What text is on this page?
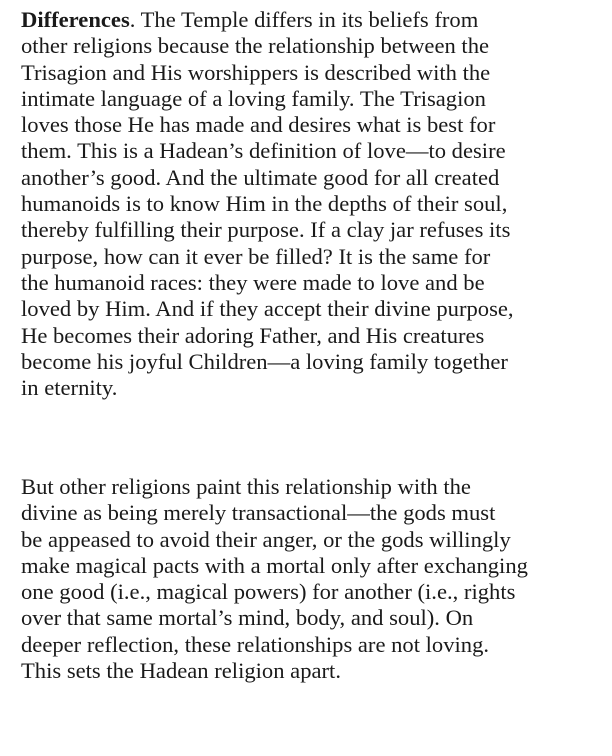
Differences. The Temple differs in its beliefs from
other religions because the relationship between the
Trisagion and His worshippers is described with the
intimate language of a loving family. The Trisagion
loves those He has made and desires what is best for
them. This is a Hadean’s definition of love—to desire
another’s good. And the ultimate good for all created
humanoids is to know Him in the depths of their soul,
thereby fulfilling their purpose. If a clay jar refuses its
purpose, how can it ever be filled? It is the same for
the humanoid races: they were made to love and be
loved by Him. And if they accept their divine purpose,
He becomes their adoring Father, and His creatures
become his joyful Children—a loving family together
in eternity.
But other religions paint this relationship with the
divine as being merely transactional—the gods must
be appeased to avoid their anger, or the gods willingly
make magical pacts with a mortal only after exchanging
one good (i.e., magical powers) for another (i.e., rights
over that same mortal’s mind, body, and soul). On
deeper reflection, these relationships are not loving.
This sets the Hadean religion apart.
